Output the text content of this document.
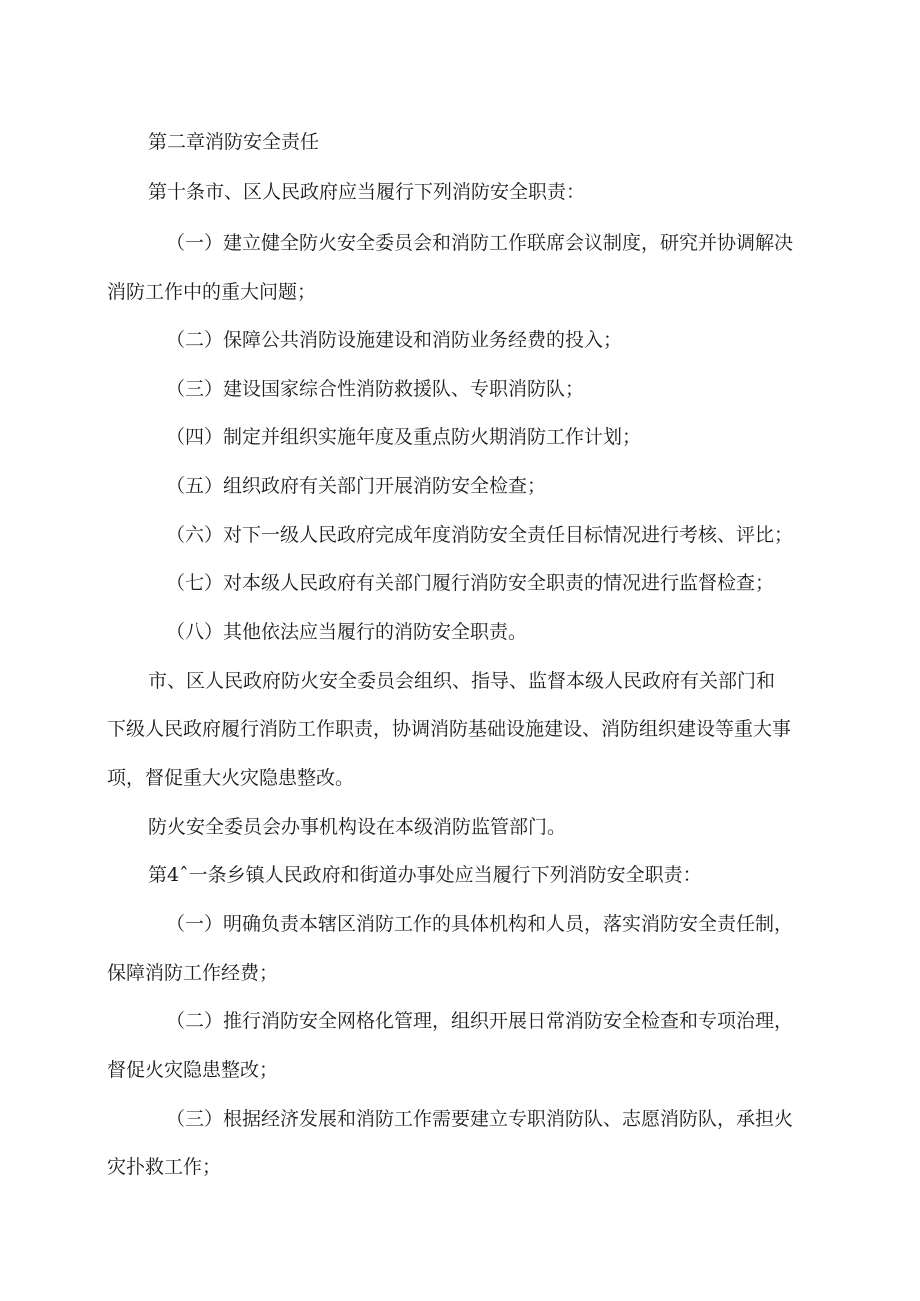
第二章消防安全责任
第十条市、区人民政府应当履行下列消防安全职责：
（一）建立健全防火安全委员会和消防工作联席会议制度，研究并协调解决
消防工作中的重大问题；
（二）保障公共消防设施建设和消防业务经费的投入；
（三）建设国家综合性消防救援队、专职消防队；
（四）制定并组织实施年度及重点防火期消防工作计划；
（五）组织政府有关部门开展消防安全检查；
（六）对下一级人民政府完成年度消防安全责任目标情况进行考核、评比；
（七）对本级人民政府有关部门履行消防安全职责的情况进行监督检查；
（八）其他依法应当履行的消防安全职责。
市、区人民政府防火安全委员会组织、指导、监督本级人民政府有关部门和
下级人民政府履行消防工作职责，协调消防基础设施建设、消防组织建设等重大事
项，督促重大火灾隐患整改。
防火安全委员会办事机构设在本级消防监管部门。
第4ˆ一条乡镇人民政府和街道办事处应当履行下列消防安全职责：
（一）明确负责本辖区消防工作的具体机构和人员，落实消防安全责任制，
保障消防工作经费；
（二）推行消防安全网格化管理，组织开展日常消防安全检查和专项治理，
督促火灾隐患整改；
（三）根据经济发展和消防工作需要建立专职消防队、志愿消防队，承担火
灾扑救工作；
